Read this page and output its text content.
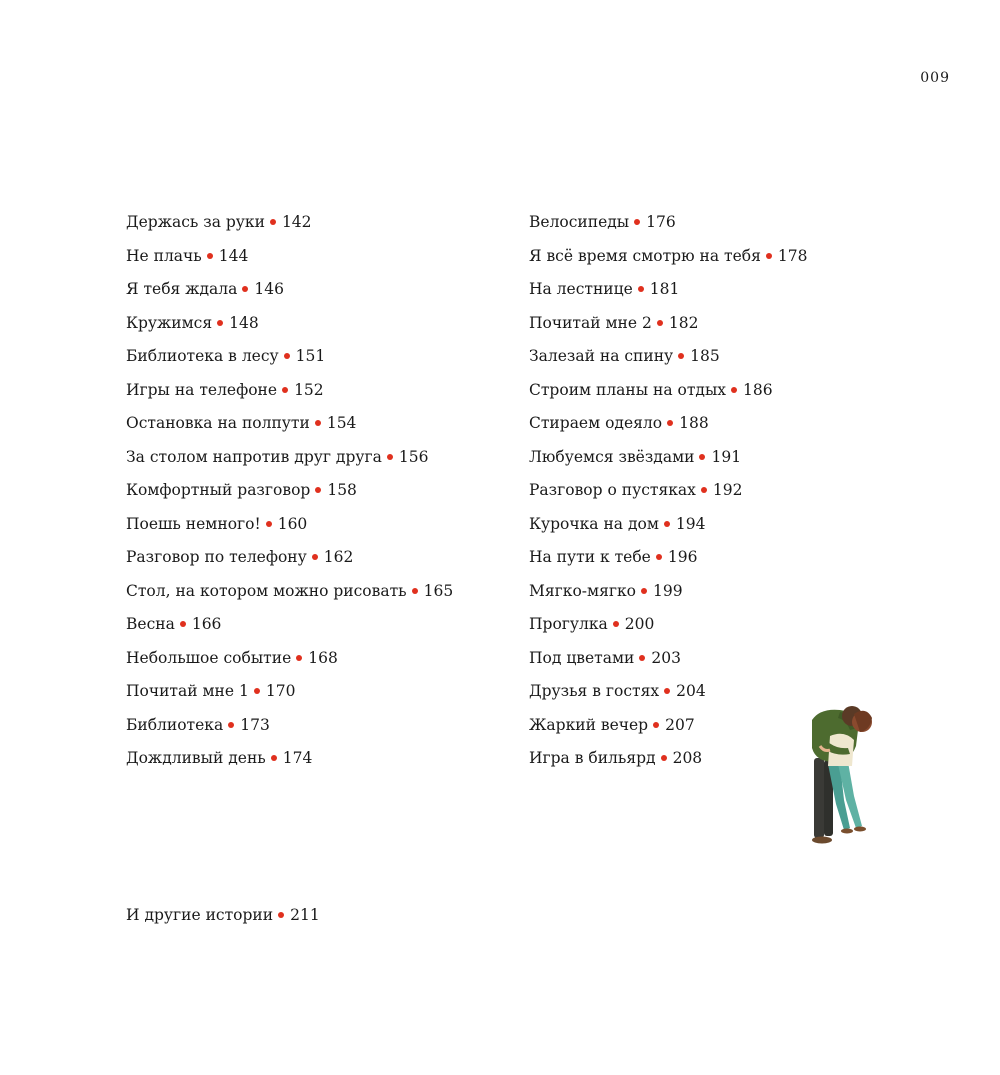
009
Держась за руки 142
Не плачь 144
Я тебя ждала 146
Кружимся 148
Библиотека в лесу 151
Игры на телефоне 152
Остановка на полпути 154
За столом напротив друг друга 156
Комфортный разговор 158
Поешь немного! 160
Разговор по телефону 162
Стол, на котором можно рисовать 165
Весна 166
Небольшое событие 168
Почитай мне 1 170
Библиотека 173
Дождливый день 174
Велосипеды 176
Я всё время смотрю на тебя 178
На лестнице 181
Почитай мне 2 182
Залезай на спину 185
Строим планы на отдых 186
Стираем одеяло 188
Любуемся звёздами 191
Разговор о пустяках 192
Курочка на дом 194
На пути к тебе 196
Мягко-мягко 199
Прогулка 200
Под цветами 203
Друзья в гостях 204
Жаркий вечер 207
Игра в бильярд 208
И другие истории 211
